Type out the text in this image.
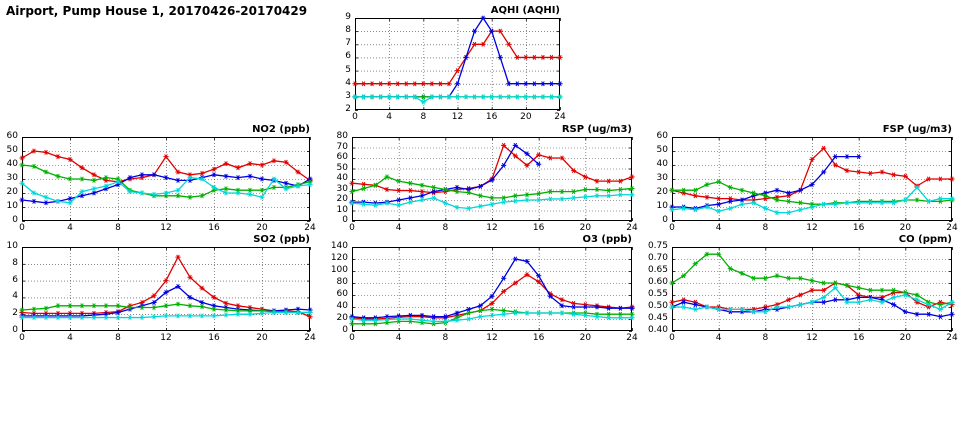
Airport, Pump House 1, 20170426-20170429	AQHI (AQHI)
2
3
4
5
6
7
8
9
0	4	8	12	16	20	24
NO2 (ppb)
0
10
20
30
40
50
60
0	4	8	12	16	20	24
RSP (ug/m3)
0
10
20
30
40
50
60
70
80
0	4	8	12	16	20	24
FSP (ug/m3)
0
10
20
30
40
50
60
0	4	8	12	16	20	24
SO2 (ppb)
0
2
4
6
8
10
0	4	8	12	16	20	24
O3 (ppb)
0
20
40
60
80
100
120
140
0	4	8	12	16	20	24
CO (ppm)
0.40
0.45
0.50
0.55
0.60
0.65
0.70
0.75
0	4	8	12	16	20	24
